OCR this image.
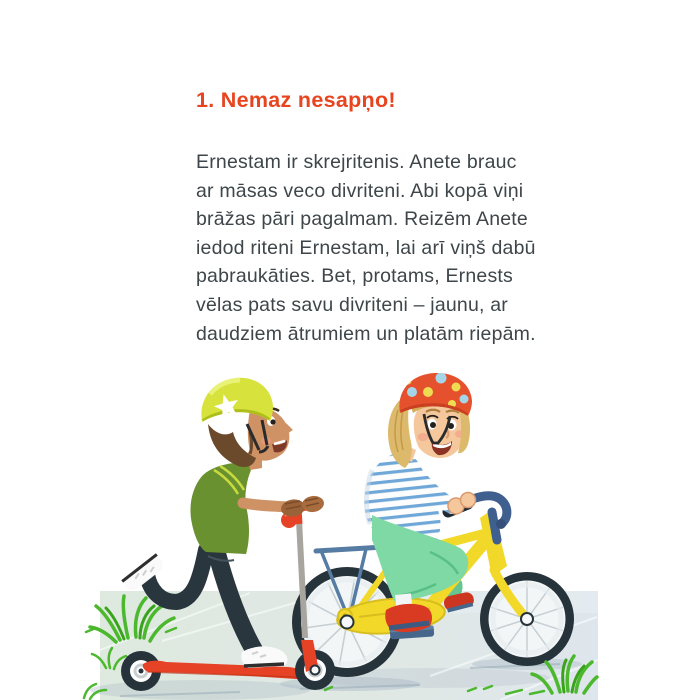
1. Nemaz nesapņo!
Ernestam ir skrejritenis. Anete brauc
ar māsas veco divriteni. Abi kopā viņi
brāžas pāri pagalmam. Reizēm Anete
iedod riteni Ernestam, lai arī viņš dabū
pabraukāties. Bet, protams, Ernests
vēlas pats savu divriteni – jaunu, ar
daudziem ātrumiem un platām riepām.
